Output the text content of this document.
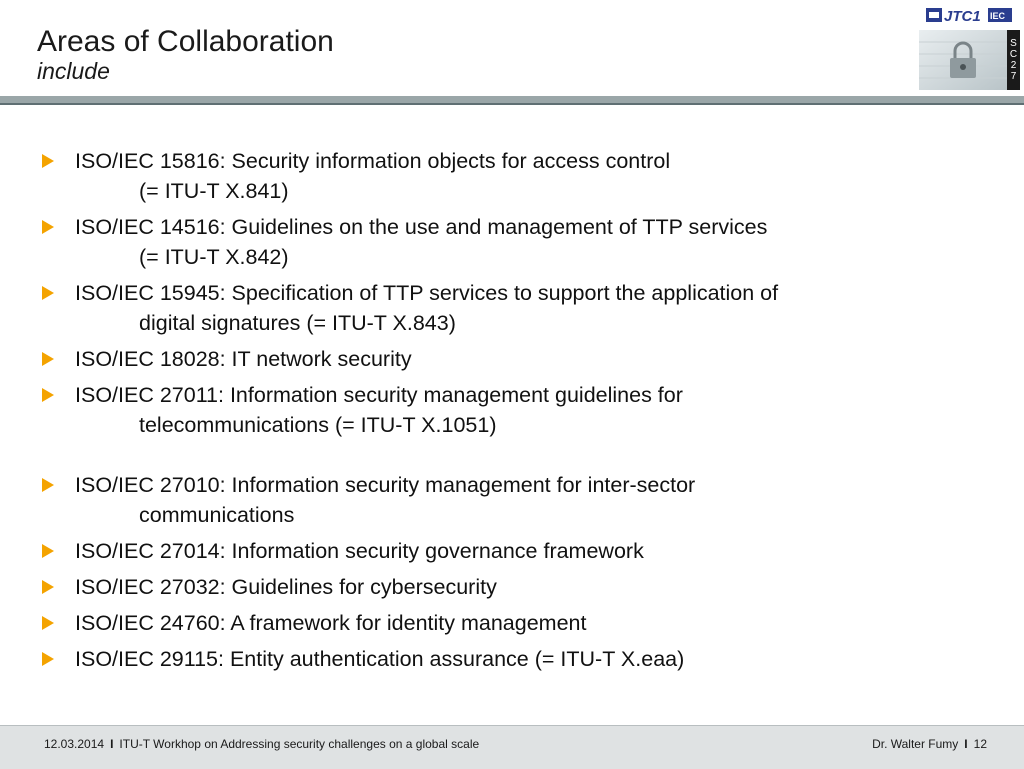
Areas of Collaboration
include
JTC1 IEC
SC27
ISO/IEC 15816: Security information objects for access control
(= ITU-T X.841)
ISO/IEC 14516: Guidelines on the use and management of TTP services
(= ITU-T X.842)
ISO/IEC 15945: Specification of TTP services to support the application of
digital signatures (= ITU-T X.843)
ISO/IEC 18028: IT network security
ISO/IEC 27011: Information security management guidelines for
telecommunications (= ITU-T X.1051)
ISO/IEC 27010: Information security management for inter-sector
communications
ISO/IEC 27014: Information security governance framework
ISO/IEC 27032: Guidelines for cybersecurity
ISO/IEC 24760: A framework for identity management
ISO/IEC 29115: Entity authentication assurance (= ITU-T X.eaa)
12.03.2014 I ITU-T Workhop on Addressing security challenges on a global scale	Dr. Walter Fumy I 12
